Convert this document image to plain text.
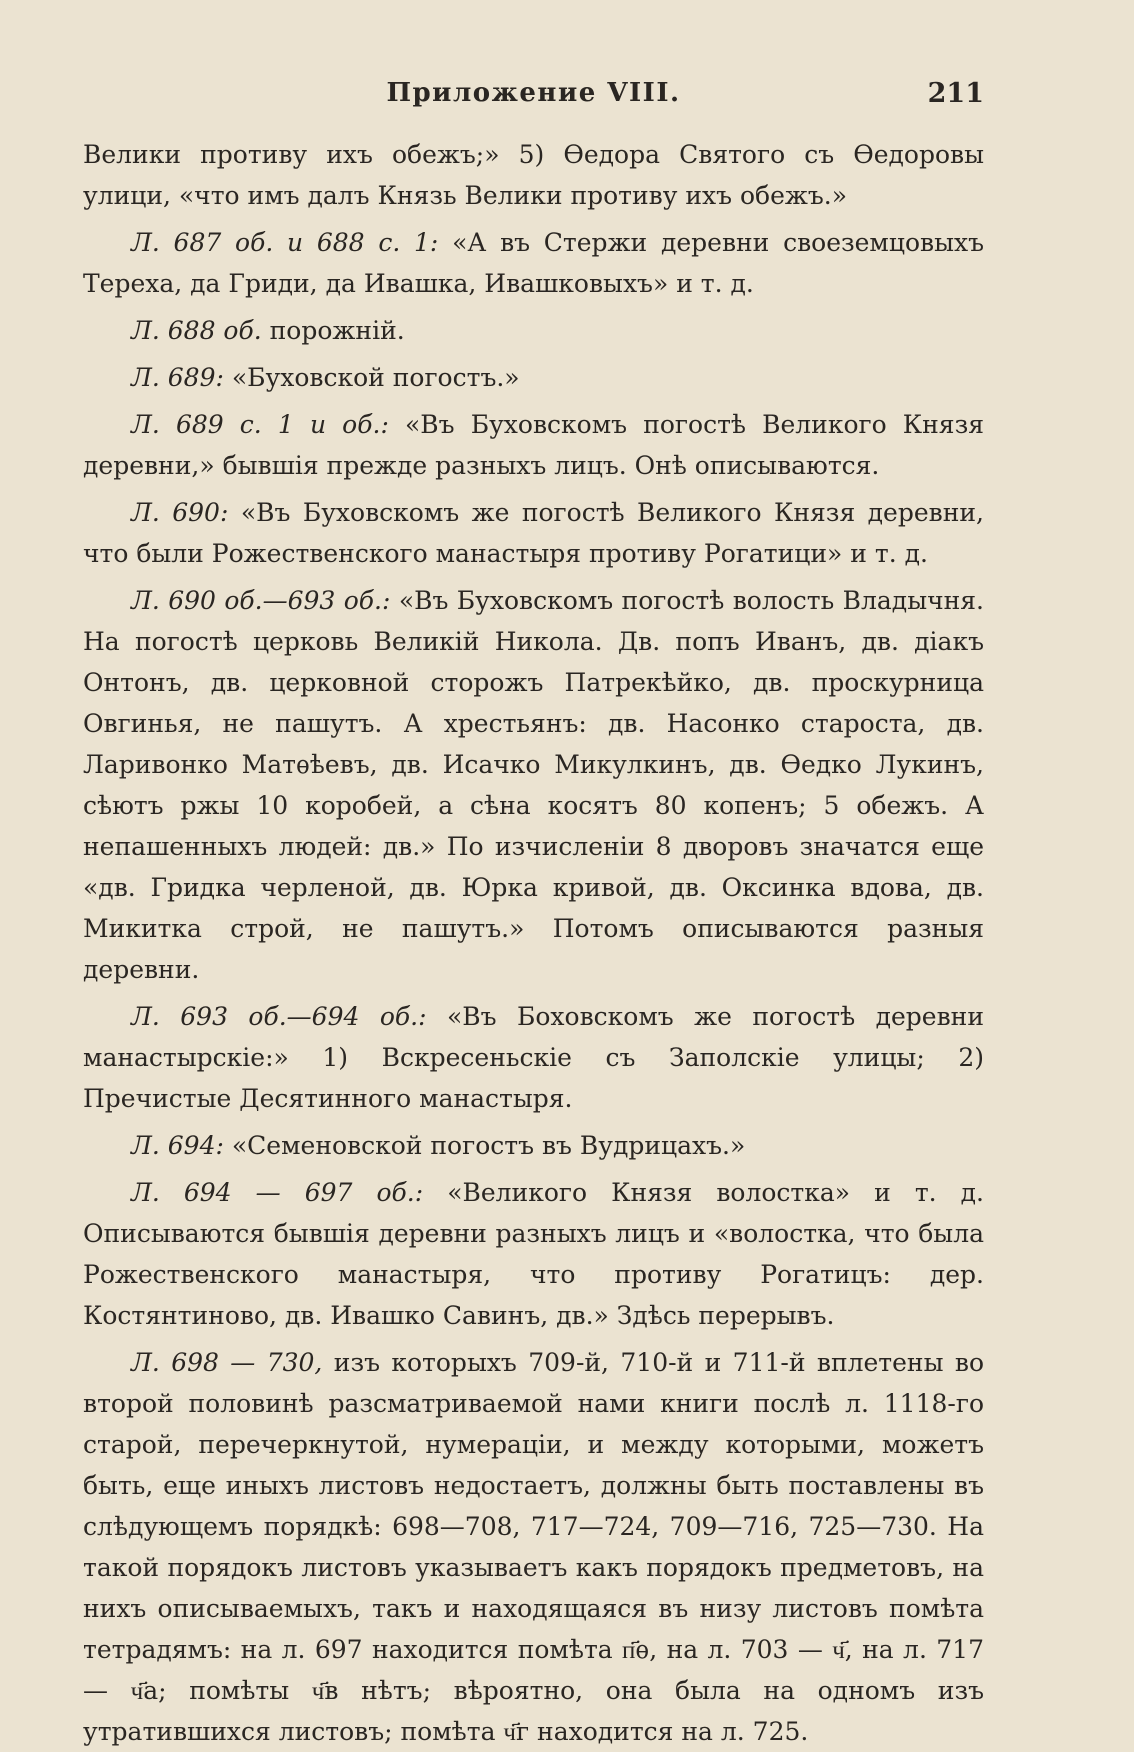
Приложение VIII.	211

Велики противу ихъ обежъ;» 5) Ѳедора Святого съ Ѳедоровы улици, «что имъ далъ Князь Велики противу ихъ обежъ.»

Л. 687 об. и 688 с. 1: «А въ Стержи деревни своеземцовыхъ Тереха, да Гриди, да Ивашка, Ивашковыхъ» и т. д.

Л. 688 об. порожній.

Л. 689: «Буховской погостъ.»

Л. 689 с. 1 и об.: «Въ Буховскомъ погостѣ Великого Князя деревни,» бывшія прежде разныхъ лицъ. Онѣ описываются.

Л. 690: «Въ Буховскомъ же погостѣ Великого Князя деревни, что были Рожественского манастыря противу Рогатици» и т. д.

Л. 690 об.—693 об.: «Въ Буховскомъ погостѣ волость Владычня. На погостѣ церковь Великій Никола. Дв. попъ Иванъ, дв. діакъ Онтонъ, дв. церковной сторожъ Патрекѣйко, дв. проскурница Овгинья, не пашутъ. А хрестьянъ: дв. Насонко староста, дв. Ларивонко Матѳѣевъ, дв. Исачко Микулкинъ, дв. Ѳедко Лукинъ, сѣютъ ржы 10 коробей, а сѣна косятъ 80 копенъ; 5 обежъ. А непашенныхъ людей: дв.» По изчисленіи 8 дворовъ значатся еще «дв. Гридка черленой, дв. Юрка кривой, дв. Оксинка вдова, дв. Микитка строй, не пашутъ.» Потомъ описываются разныя деревни.

Л. 693 об.—694 об.: «Въ Боховскомъ же погостѣ деревни манастырскіе:» 1) Вскресеньскіе съ Заполскіе улицы; 2) Пречистые Десятинного манастыря.

Л. 694: «Семеновской погостъ въ Вудрицахъ.»

Л. 694 — 697 об.: «Великого Князя волостка» и т. д. Описываются бывшія деревни разныхъ лицъ и «волостка, что была Рожественского манастыря, что противу Рогатицъ: дер. Костянтиново, дв. Ивашко Савинъ, дв.» Здѣсь перерывъ.

Л. 698 — 730, изъ которыхъ 709-й, 710-й и 711-й вплетены во второй половинѣ разсматриваемой нами книги послѣ л. 1118-го старой, перечеркнутой, нумераціи, и между которыми, можетъ быть, еще иныхъ листовъ недостаетъ, должны быть поставлены въ слѣдующемъ порядкѣ: 698—708, 717—724, 709—716, 725—730. На такой порядокъ листовъ указываетъ какъ порядокъ предметовъ, на нихъ описываемыхъ, такъ и находящаяся въ низу листовъ помѣта тетрадямъ: на л. 697 находится помѣта п҃ѳ, на л. 703 — ч҃, на л. 717 — ч҃а; помѣты ч҃в нѣтъ; вѣроятно, она была на одномъ изъ утратившихся листовъ; помѣта ч҃г находится на л. 725.
